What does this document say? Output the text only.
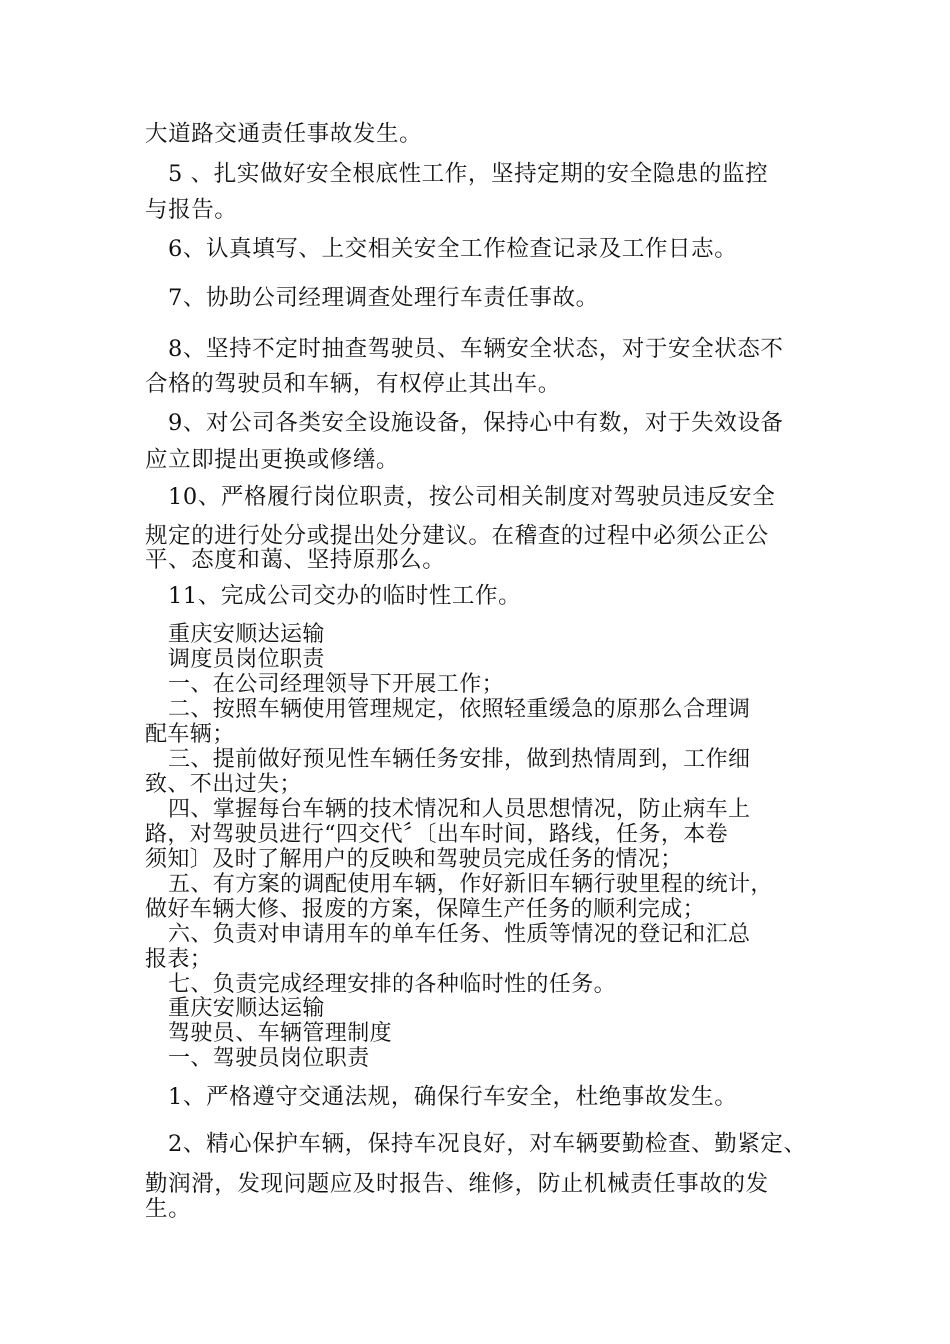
大道路交通责任事故发生。
5 、扎实做好安全根底性工作，坚持定期的安全隐患的监控
与报告。
6、认真填写、上交相关安全工作检查记录及工作日志。
7、协助公司经理调查处理行车责任事故。
8、坚持不定时抽查驾驶员、车辆安全状态，对于安全状态不
合格的驾驶员和车辆，有权停止其出车。
9、对公司各类安全设施设备，保持心中有数，对于失效设备
应立即提出更换或修缮。
10、严格履行岗位职责，按公司相关制度对驾驶员违反安全
规定的进行处分或提出处分建议。在稽查的过程中必须公正公
平、态度和蔼、坚持原那么。
11、完成公司交办的临时性工作。
重庆安顺达运输
调度员岗位职责
一、在公司经理领导下开展工作；
二、按照车辆使用管理规定，依照轻重缓急的原那么合理调
配车辆；
三、提前做好预见性车辆任务安排，做到热情周到，工作细
致、不出过失；
四、掌握每台车辆的技术情况和人员思想情况，防止病车上
路，对驾驶员进行“四交代〞〔出车时间，路线，任务，本卷
须知〕及时了解用户的反映和驾驶员完成任务的情况；
五、有方案的调配使用车辆，作好新旧车辆行驶里程的统计，
做好车辆大修、报废的方案，保障生产任务的顺利完成；
六、负责对申请用车的单车任务、性质等情况的登记和汇总
报表；
七、负责完成经理安排的各种临时性的任务。
重庆安顺达运输
驾驶员、车辆管理制度
一、驾驶员岗位职责
1、严格遵守交通法规，确保行车安全，杜绝事故发生。
2、精心保护车辆，保持车况良好，对车辆要勤检查、勤紧定、
勤润滑，发现问题应及时报告、维修，防止机械责任事故的发
生。
